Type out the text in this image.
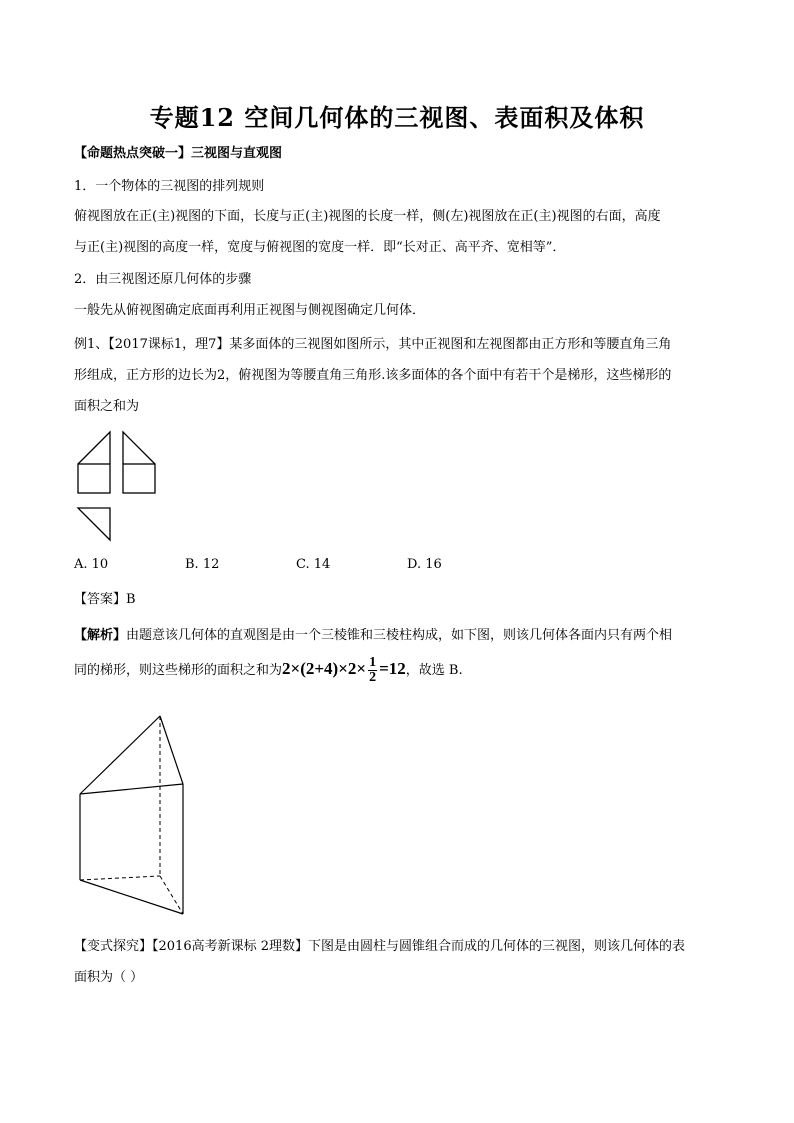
专题12 空间几何体的三视图、表面积及体积
【命题热点突破一】三视图与直观图
1．一个物体的三视图的排列规则
俯视图放在正(主)视图的下面，长度与正(主)视图的长度一样，侧(左)视图放在正(主)视图的右面，高度
与正(主)视图的高度一样，宽度与俯视图的宽度一样．即“长对正、高平齐、宽相等”．
2．由三视图还原几何体的步骤
一般先从俯视图确定底面再利用正视图与侧视图确定几何体．
例1、【2017课标1，理7】某多面体的三视图如图所示，其中正视图和左视图都由正方形和等腰直角三角
形组成，正方形的边长为2，俯视图为等腰直角三角形.该多面体的各个面中有若干个是梯形，这些梯形的
面积之和为
A. 10	B. 12	C. 14	D. 16
【答案】B
【解析】由题意该几何体的直观图是由一个三棱锥和三棱柱构成，如下图，则该几何体各面内只有两个相
同的梯形，则这些梯形的面积之和为$2\times(2+4)\times 2\times \frac{1}{2} =12$，故选 B.
【变式探究】【2016高考新课标 2理数】下图是由圆柱与圆锥组合而成的几何体的三视图，则该几何体的表
面积为（ ）
